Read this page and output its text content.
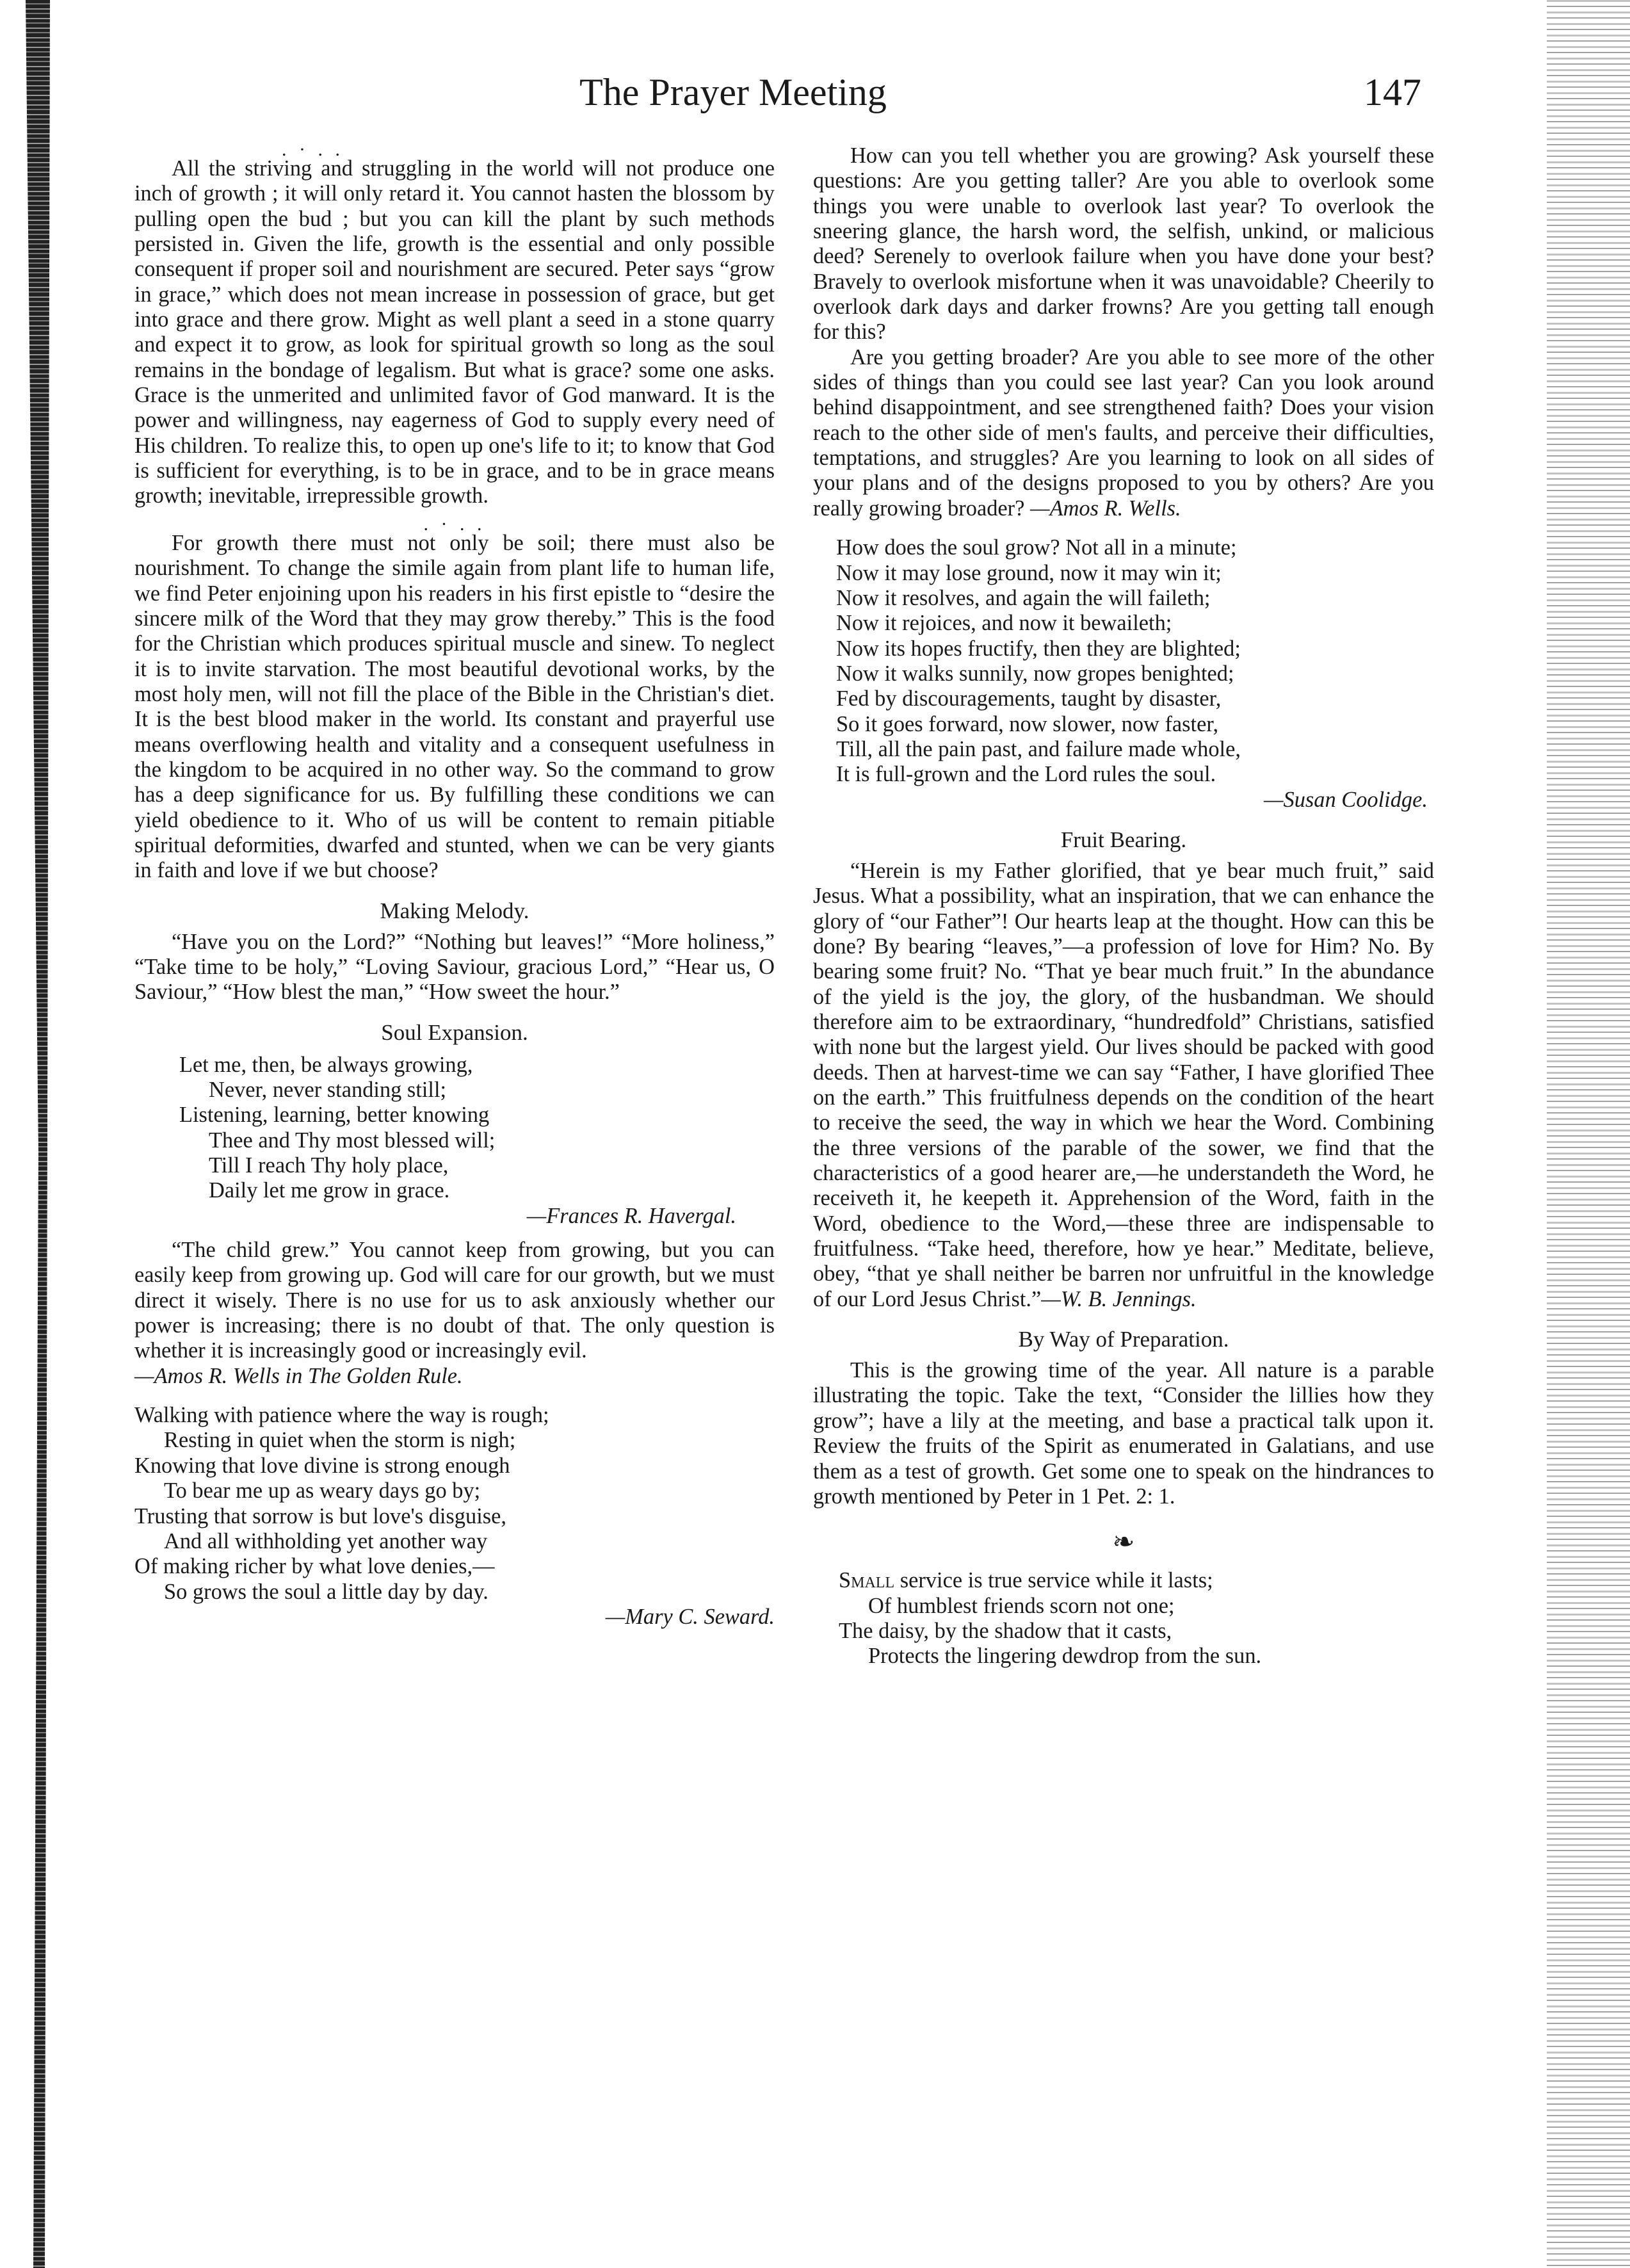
The Prayer Meeting	147
. · . .

All the striving and struggling in the world will not produce one inch of growth ; it will only retard it. You cannot hasten the blossom by pulling open the bud ; but you can kill the plant by such methods persisted in. Given the life, growth is the essential and only possible consequent if proper soil and nourishment are secured. Peter says “grow in grace,” which does not mean increase in possession of grace, but get into grace and there grow. Might as well plant a seed in a stone quarry and expect it to grow, as look for spiritual growth so long as the soul remains in the bondage of legalism. But what is grace? some one asks. Grace is the unmerited and unlimited favor of God manward. It is the power and willingness, nay eagerness of God to supply every need of His children. To realize this, to open up one's life to it; to know that God is sufficient for everything, is to be in grace, and to be in grace means growth; inevitable, irrepressible growth.

. · . .

For growth there must not only be soil; there must also be nourishment. To change the simile again from plant life to human life, we find Peter enjoining upon his readers in his first epistle to “desire the sincere milk of the Word that they may grow thereby.” This is the food for the Christian which produces spiritual muscle and sinew. To neglect it is to invite starvation. The most beautiful devotional works, by the most holy men, will not fill the place of the Bible in the Christian's diet. It is the best blood maker in the world. Its constant and prayerful use means overflowing health and vitality and a consequent usefulness in the kingdom to be acquired in no other way. So the command to grow has a deep significance for us. By fulfilling these conditions we can yield obedience to it. Who of us will be content to remain pitiable spiritual deformities, dwarfed and stunted, when we can be very giants in faith and love if we but choose?

Making Melody.

“Have you on the Lord?” “Nothing but leaves!” “More holiness,” “Take time to be holy,” “Loving Saviour, gracious Lord,” “Hear us, O Saviour,” “How blest the man,” “How sweet the hour.”

Soul Expansion.
Let me, then, be always growing,
Never, never standing still;
Listening, learning, better knowing
Thee and Thy most blessed will;
Till I reach Thy holy place,
Daily let me grow in grace.
—Frances R. Havergal.

“The child grew.” You cannot keep from growing, but you can easily keep from growing up. God will care for our growth, but we must direct it wisely. There is no use for us to ask anxiously whether our power is increasing; there is no doubt of that. The only question is whether it is increasingly good or increasingly evil.

—Amos R. Wells in The Golden Rule.
Walking with patience where the way is rough;
Resting in quiet when the storm is nigh;
Knowing that love divine is strong enough
To bear me up as weary days go by;
Trusting that sorrow is but love's disguise,
And all withholding yet another way
Of making richer by what love denies,—
So grows the soul a little day by day.
—Mary C. Seward.

How can you tell whether you are growing? Ask yourself these questions: Are you getting taller? Are you able to overlook some things you were unable to overlook last year? To overlook the sneering glance, the harsh word, the selfish, unkind, or malicious deed? Serenely to overlook failure when you have done your best? Bravely to overlook misfortune when it was unavoidable? Cheerily to overlook dark days and darker frowns? Are you getting tall enough for this?

Are you getting broader? Are you able to see more of the other sides of things than you could see last year? Can you look around behind disappointment, and see strengthened faith? Does your vision reach to the other side of men's faults, and perceive their difficulties, temptations, and struggles? Are you learning to look on all sides of your plans and of the designs proposed to you by others? Are you really growing broader? —Amos R. Wells.

How does the soul grow? Not all in a minute;
Now it may lose ground, now it may win it;
Now it resolves, and again the will faileth;
Now it rejoices, and now it bewaileth;
Now its hopes fructify, then they are blighted;
Now it walks sunnily, now gropes benighted;
Fed by discouragements, taught by disaster,
So it goes forward, now slower, now faster,
Till, all the pain past, and failure made whole,
It is full-grown and the Lord rules the soul.
—Susan Coolidge.
Fruit Bearing.

“Herein is my Father glorified, that ye bear much fruit,” said Jesus. What a possibility, what an inspiration, that we can enhance the glory of “our Father”! Our hearts leap at the thought. How can this be done? By bearing “leaves,”—a profession of love for Him? No. By bearing some fruit? No. “That ye bear much fruit.” In the abundance of the yield is the joy, the glory, of the husbandman. We should therefore aim to be extraordinary, “hundredfold” Christians, satisfied with none but the largest yield. Our lives should be packed with good deeds. Then at harvest-time we can say “Father, I have glorified Thee on the earth.” This fruitfulness depends on the condition of the heart to receive the seed, the way in which we hear the Word. Combining the three versions of the parable of the sower, we find that the characteristics of a good hearer are,—he understandeth the Word, he receiveth it, he keepeth it. Apprehension of the Word, faith in the Word, obedience to the Word,—these three are indispensable to fruitfulness. “Take heed, therefore, how ye hear.” Meditate, believe, obey, “that ye shall neither be barren nor unfruitful in the knowledge of our Lord Jesus Christ.”—W. B. Jennings.

By Way of Preparation.

This is the growing time of the year. All nature is a parable illustrating the topic. Take the text, “Consider the lillies how they grow”; have a lily at the meeting, and base a practical talk upon it. Review the fruits of the Spirit as enumerated in Galatians, and use them as a test of growth. Get some one to speak on the hindrances to growth mentioned by Peter in 1 Pet. 2: 1.

❧
Small service is true service while it lasts;
Of humblest friends scorn not one;
The daisy, by the shadow that it casts,
Protects the lingering dewdrop from the sun.
